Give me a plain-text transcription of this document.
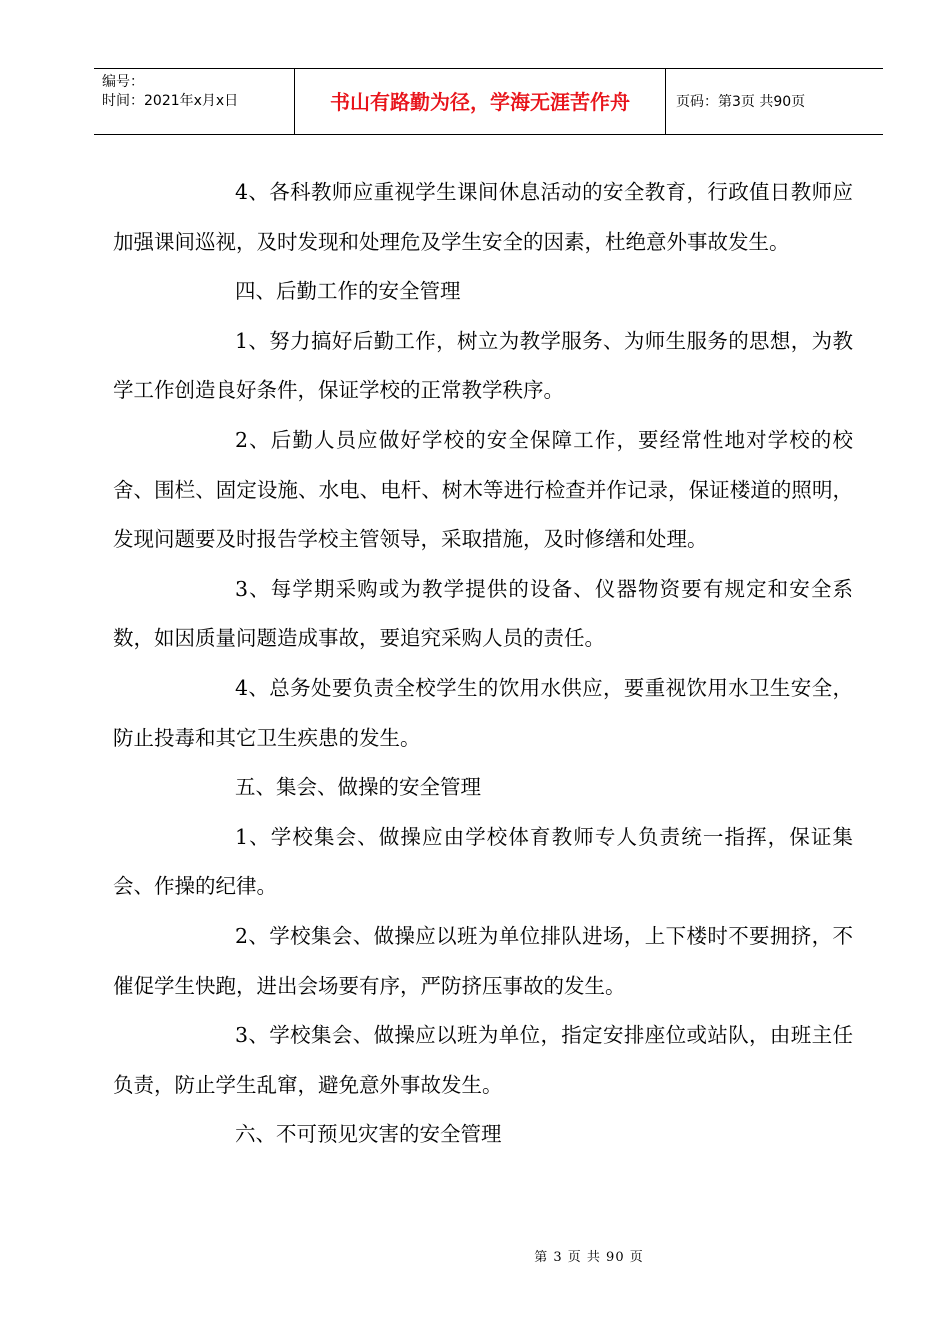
编号：
时间：2021年x月x日	书山有路勤为径，学海无涯苦作舟	页码：第3页 共90页

4、各科教师应重视学生课间休息活动的安全教育，行政值日教师应加强课间巡视，及时发现和处理危及学生安全的因素，杜绝意外事故发生。

四、后勤工作的安全管理

1、努力搞好后勤工作，树立为教学服务、为师生服务的思想，为教学工作创造良好条件，保证学校的正常教学秩序。

2、后勤人员应做好学校的安全保障工作，要经常性地对学校的校舍、围栏、固定设施、水电、电杆、树木等进行检查并作记录，保证楼道的照明，发现问题要及时报告学校主管领导，采取措施，及时修缮和处理。

3、每学期采购或为教学提供的设备、仪器物资要有规定和安全系数，如因质量问题造成事故，要追究采购人员的责任。

4、总务处要负责全校学生的饮用水供应，要重视饮用水卫生安全，防止投毒和其它卫生疾患的发生。

五、集会、做操的安全管理

1、学校集会、做操应由学校体育教师专人负责统一指挥，保证集会、作操的纪律。

2、学校集会、做操应以班为单位排队进场，上下楼时不要拥挤，不催促学生快跑，进出会场要有序，严防挤压事故的发生。

3、学校集会、做操应以班为单位，指定安排座位或站队，由班主任负责，防止学生乱窜，避免意外事故发生。

六、不可预见灾害的安全管理

第 3 页 共 90 页
